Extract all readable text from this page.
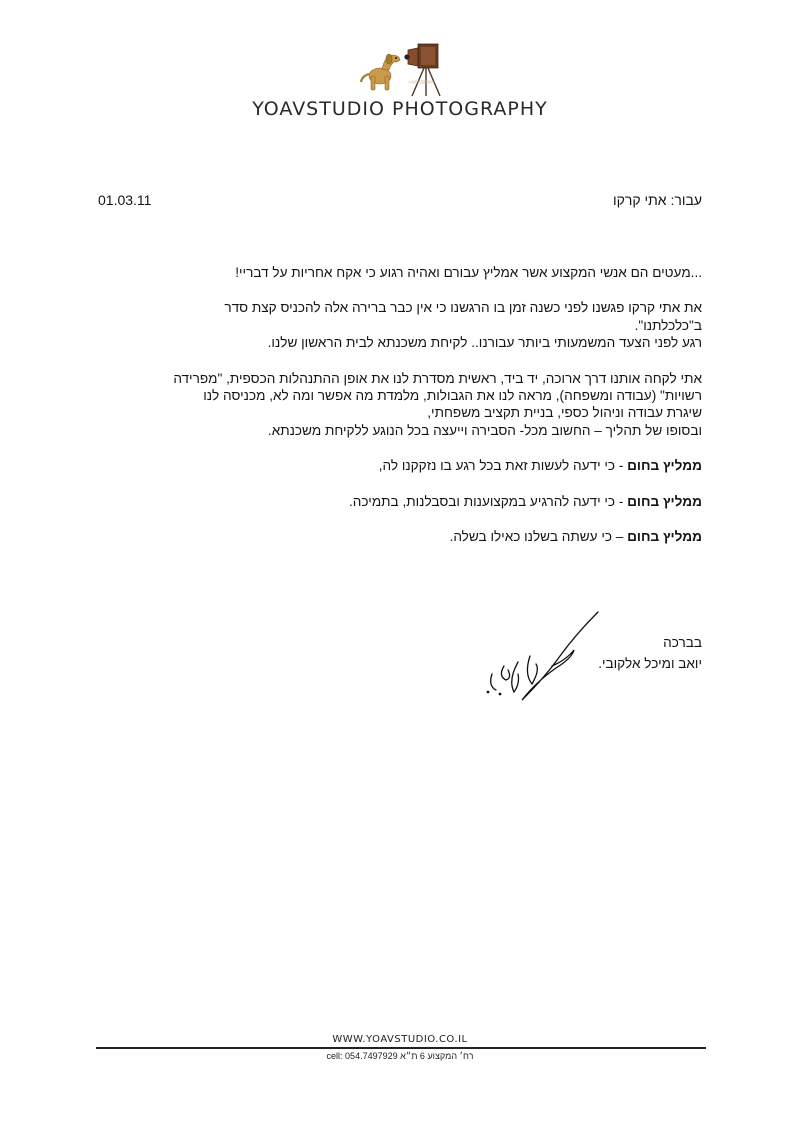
YOAVSTUDIO PHOTOGRAPHY
01.03.11	עבור: אתי קרקו

...מעטים הם אנשי המקצוע אשר אמליץ עבורם ואהיה רגוע כי אקח אחריות על דבריי!

את אתי קרקו פגשנו לפני כשנה זמן בו הרגשנו כי אין כבר ברירה אלה להכניס קצת סדר
ב"כלכלתנו".
רגע לפני הצעד המשמעותי ביותר עבורנו.. לקיחת משכנתא לבית הראשון שלנו.

אתי לקחה אותנו דרך ארוכה, יד ביד, ראשית מסדרת לנו את אופן ההתנהלות הכספית, "מפרידה
רשויות" (עבודה ומשפחה), מראה לנו את הגבולות, מלמדת מה אפשר ומה לא, מכניסה לנו
שיגרת עבודה וניהול כספי, בניית תקציב משפחתי,
ובסופו של תהליך – החשוב מכל- הסבירה וייעצה בכל הנוגע ללקיחת משכנתא.

ממליץ בחום - כי ידעה לעשות זאת בכל רגע בו נזקקנו לה,

ממליץ בחום - כי ידעה להרגיע במקצוענות ובסבלנות, בתמיכה.

ממליץ בחום – כי עשתה בשלנו כאילו בשלה.

בברכה
יואב ומיכל אלקובי.
WWW.YOAVSTUDIO.CO.IL
רח׳ המקצוע 6 ת״א cell: 054.7497929
